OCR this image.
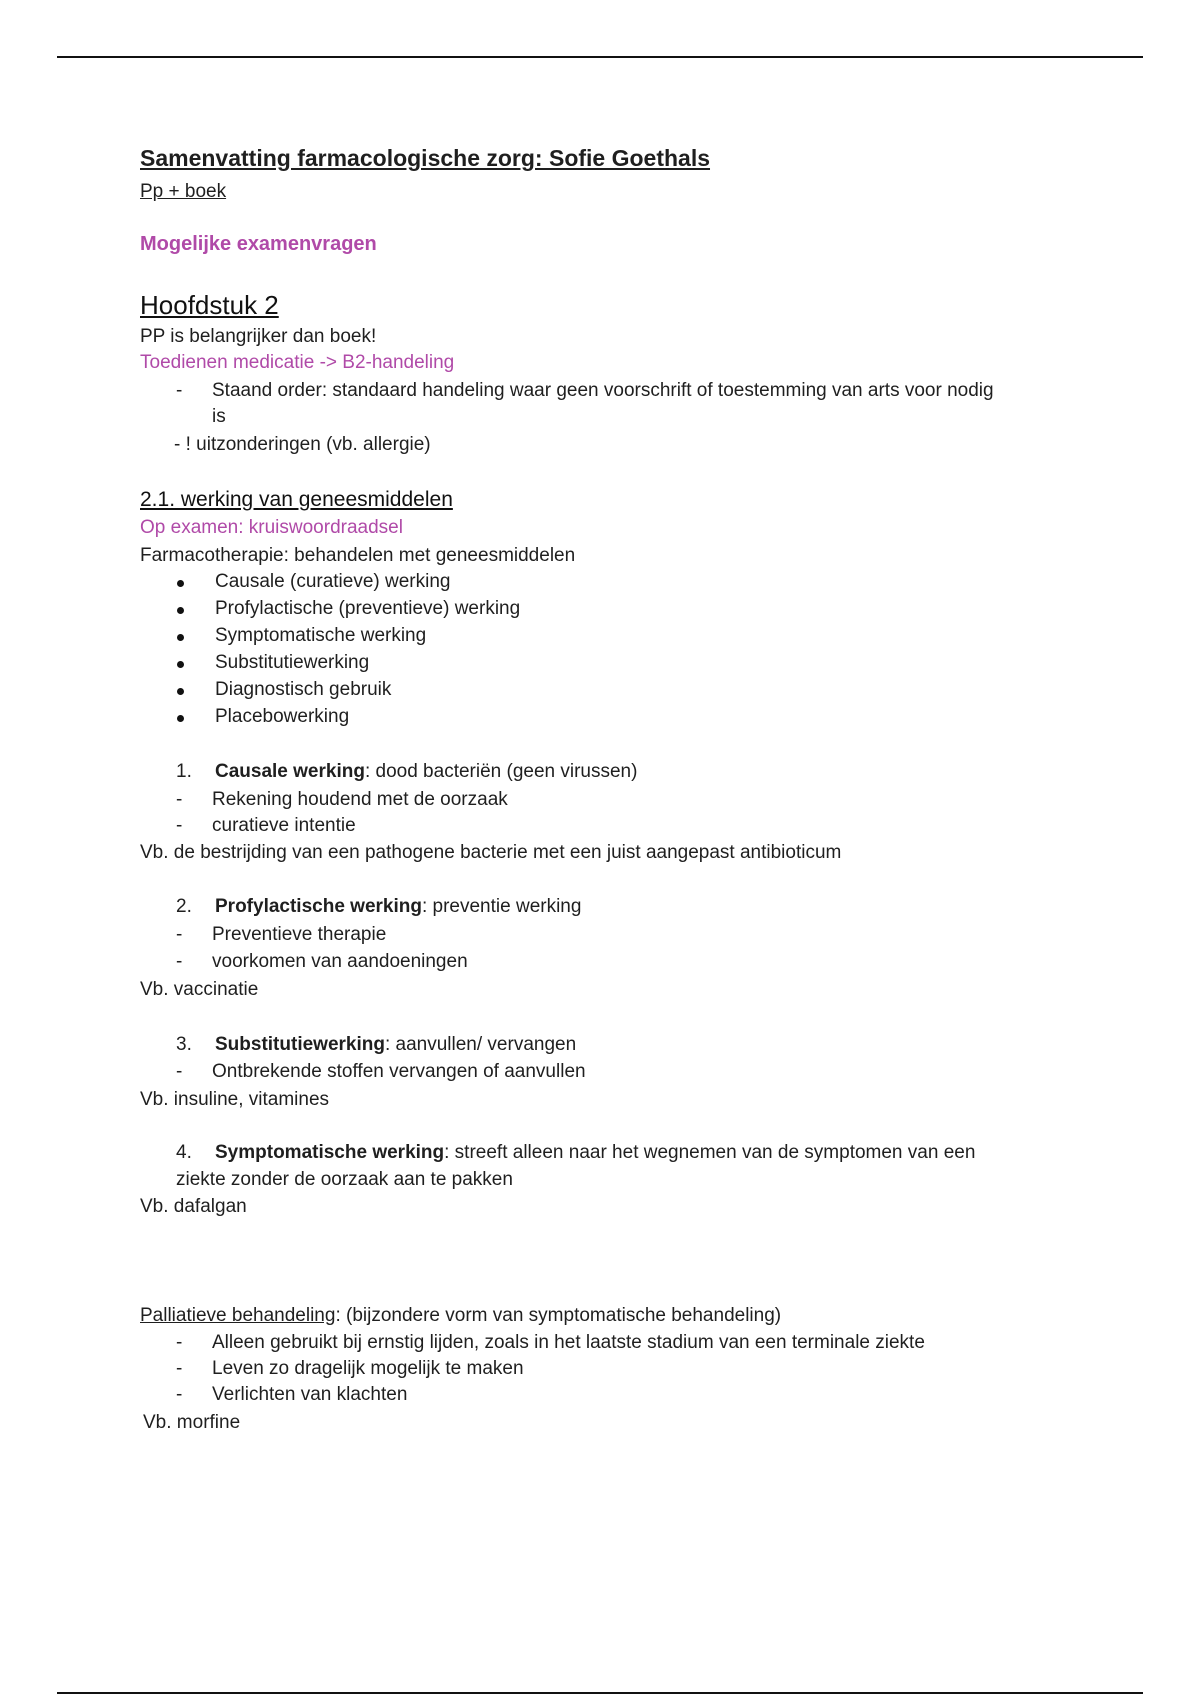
Samenvatting farmacologische zorg: Sofie Goethals
Pp + boek
Mogelijke examenvragen
Hoofdstuk 2
PP is belangrijker dan boek!
Toedienen medicatie -> B2-handeling
- Staand order: standaard handeling waar geen voorschrift of toestemming van arts voor nodig
is
- ! uitzonderingen (vb. allergie)
2.1. werking van geneesmiddelen
Op examen: kruiswoordraadsel
Farmacotherapie: behandelen met geneesmiddelen
Causale (curatieve) werking
Profylactische (preventieve) werking
Symptomatische werking
Substitutiewerking
Diagnostisch gebruik
Placebowerking
1. Causale werking: dood bacteriën (geen virussen)
- Rekening houdend met de oorzaak
- curatieve intentie
Vb. de bestrijding van een pathogene bacterie met een juist aangepast antibioticum
2. Profylactische werking: preventie werking
- Preventieve therapie
- voorkomen van aandoeningen
Vb. vaccinatie
3. Substitutiewerking: aanvullen/ vervangen
- Ontbrekende stoffen vervangen of aanvullen
Vb. insuline, vitamines
4. Symptomatische werking: streeft alleen naar het wegnemen van de symptomen van een
ziekte zonder de oorzaak aan te pakken
Vb. dafalgan
Palliatieve behandeling: (bijzondere vorm van symptomatische behandeling)
- Alleen gebruikt bij ernstig lijden, zoals in het laatste stadium van een terminale ziekte
- Leven zo dragelijk mogelijk te maken
- Verlichten van klachten
Vb. morfine
